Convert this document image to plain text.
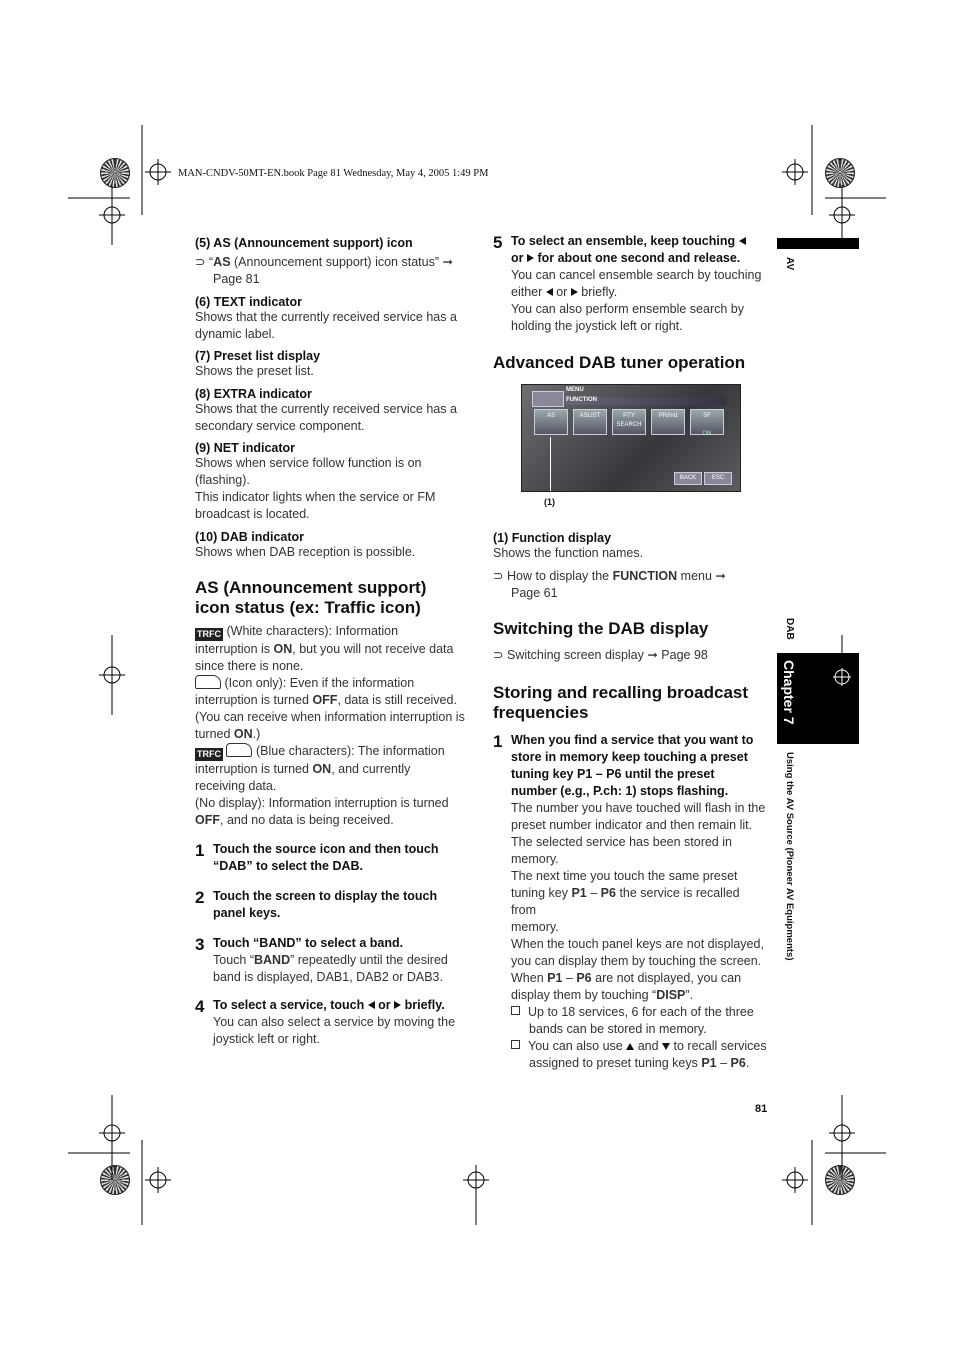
MAN-CNDV-50MT-EN.book Page 81 Wednesday, May 4, 2005 1:49 PM
(5) AS (Announcement support) icon
⊃ “AS (Announcement support) icon status” ➞
Page 81
(6) TEXT indicator
Shows that the currently received service has a
dynamic label.
(7) Preset list display
Shows the preset list.
(8) EXTRA indicator
Shows that the currently received service has a
secondary service component.
(9) NET indicator
Shows when service follow function is on
(flashing).
This indicator lights when the service or FM
broadcast is located.
(10) DAB indicator
Shows when DAB reception is possible.
AS (Announcement support)
icon status (ex: Traffic icon)
TRFC (White characters): Information
interruption is ON, but you will not receive data
since there is none.
(Icon only): Even if the information
interruption is turned OFF, data is still received.
(You can receive when information interruption is
turned ON.)
TRFC	(Blue characters): The information
interruption is turned ON, and currently
receiving data.
(No display): Information interruption is turned
OFF, and no data is being received.
1 Touch the source icon and then touch
“DAB” to select the DAB.
2 Touch the screen to display the touch
panel keys.
3 Touch “BAND” to select a band.
Touch “BAND” repeatedly until the desired
band is displayed, DAB1, DAB2 or DAB3.
4 To select a service, touch  or  briefly.
You can also select a service by moving the
joystick left or right.
5 To select an ensemble, keep touching
or  for about one second and release.
You can cancel ensemble search by touching
either  or  briefly.
You can also perform ensemble search by
holding the joystick left or right.
Advanced DAB tuner operation
MENU
FUNCTION
AS	ASLIST	PTY SEARCH
PR/Ind	SF

ON
BACK	ESC
(1)
(1) Function display
Shows the function names.
⊃ How to display the FUNCTION menu ➞
Page 61
Switching the DAB display
⊃ Switching screen display ➞ Page 98
Storing and recalling broadcast
frequencies
1 When you find a service that you want to
store in memory keep touching a preset
tuning key P1 – P6 until the preset
number (e.g., P.ch: 1) stops flashing.
The number you have touched will flash in the
preset number indicator and then remain lit.
The selected service has been stored in
memory.
The next time you touch the same preset
tuning key P1 – P6 the service is recalled from
memory.
When the touch panel keys are not displayed,
you can display them by touching the screen.
When P1 – P6 are not displayed, you can
display them by touching “DISP”.
Up to 18 services, 6 for each of the three
bands can be stored in memory.
You can also use  and  to recall services
assigned to preset tuning keys P1 – P6.
AV
DAB
Chapter 7
Using the AV Source (Pioneer AV Equipments)
81
